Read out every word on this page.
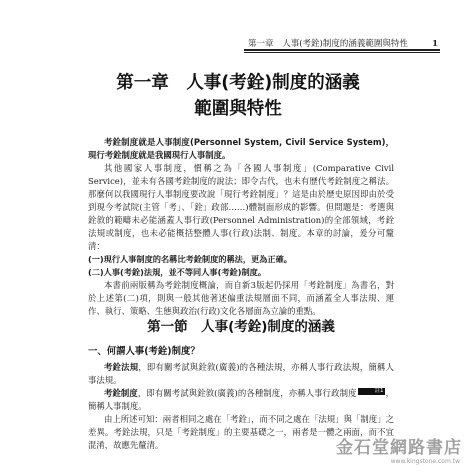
第一章 人事(考銓)制度的涵義範圍與特性	1
第一章　人事(考銓)制度的涵義
範圍與特性

考銓制度就是人事制度(Personnel System, Civil Service System)，現行考銓制度就是我國現行人事制度。

其他國家人事制度，慣稱之為「各國人事制度」(Comparative Civil Service)，並未有各國考銓制度的說法；即令古代，也未有歷代考銓制度之稱法。那麼何以我國現行人事制度要改說「現行考銓制度」？這是由於歷史原因即由於受到現今考試院(主管「考」、「銓」政部……)體制面形成的影響。但問題是：考選與銓敘的範疇未必能涵蓋人事行政(Personnel Administration)的全部領域，考銓法規或制度，也未必能概括整體人事(行政)法制、制度。本章的討論，爰分可釐清：

(一)現行人事制度的名稱比考銓制度的稱法，更為正確。

(二)人事(考銓)法規，並不等同人事(考銓)制度。

本書前兩版稱為考銓制度概論，而自新3版起仍採用「考銓制度」為書名，對於上述第(二)項，則與一般其他著述偏重法規層面不同，而涵蓋全人事法規、運作、執行、策略、生態與政治(行政)文化各層面為立論的重點。

第一節　人事(考銓)制度的涵義

一、何謂人事(考銓)制度？

考銓法規，即有關考試與銓敘(廣義)的各種法規，亦稱人事行政法規，簡稱人事法規。

考銓制度，即有關考試與銓敘(廣義)的各種制度，亦稱人事行政制度	註1 ，簡稱人事制度。

由上所述可知：兩者相同之處在「考銓」，而不同之處在「法規」與「制度」之差異。考銓法規，只是「考銓制度」的主要基礎之一，兩者是一體之兩面，而不宜混淆，故應先釐清。	金石堂網路書店
www.kingstone.com.tw
